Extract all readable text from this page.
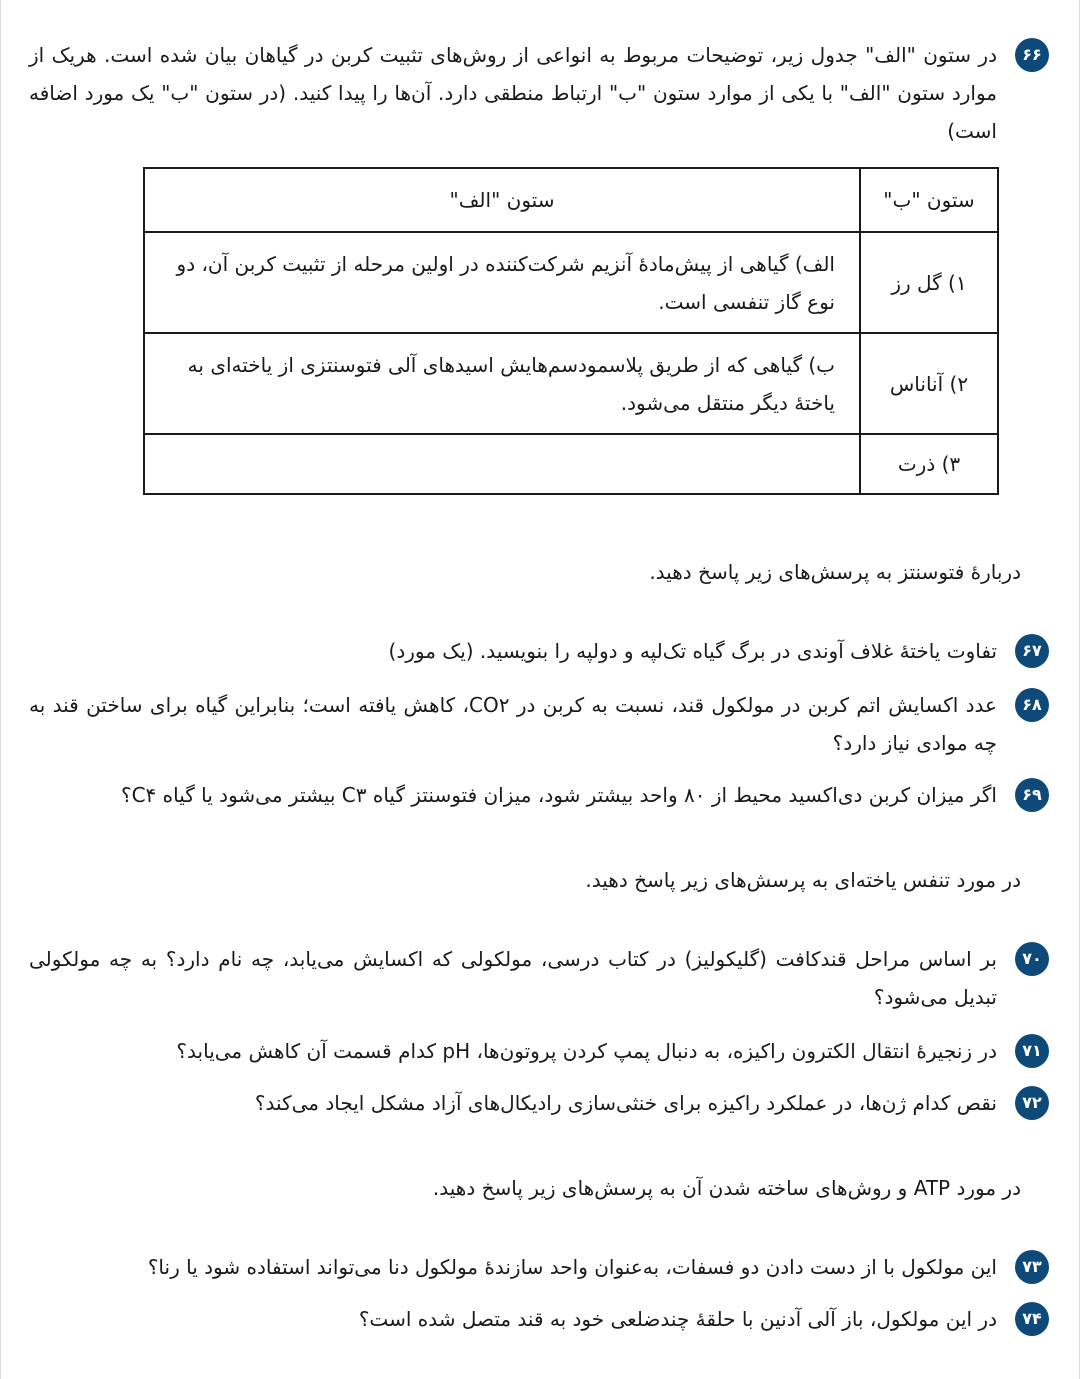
۶۶
در ستون "الف" جدول زیر، توضیحات مربوط به انواعی از روش‌های تثبیت کربن در گیاهان بیان شده است. هریک از موارد ستون "الف" با یکی از موارد ستون "ب" ارتباط منطقی دارد. آن‌ها را پیدا کنید. (در ستون "ب" یک مورد اضافه است)
ستون "ب"	ستون "الف"
۱) گل رز	الف) گیاهی از پیش‌مادهٔ آنزیم شرکت‌کننده در اولین مرحله از تثبیت کربن آن، دو نوع گاز تنفسی است.
۲) آناناس	ب) گیاهی که از طریق پلاسمودسم‌هایش اسیدهای آلی فتوسنتزی از یاخته‌ای به یاختهٔ دیگر منتقل می‌شود.
۳) ذرت	
دربارهٔ فتوسنتز به پرسش‌های زیر پاسخ دهید.
۶۷
تفاوت یاختهٔ غلاف آوندی در برگ گیاه تک‌لپه و دولپه را بنویسید. (یک مورد)
۶۸
عدد اکسایش اتم کربن در مولکول قند، نسبت به کربن در CO۲، کاهش یافته است؛ بنابراین گیاه برای ساختن قند به چه موادی نیاز دارد؟
۶۹
اگر میزان کربن دی‌اکسید محیط از ۸۰ واحد بیشتر شود، میزان فتوسنتز گیاه C۳ بیشتر می‌شود یا گیاه C۴؟
در مورد تنفس یاخته‌ای به پرسش‌های زیر پاسخ دهید.
۷۰
بر اساس مراحل قندکافت (گلیکولیز) در کتاب درسی، مولکولی که اکسایش می‌یابد، چه نام دارد؟ به چه مولکولی تبدیل می‌شود؟
۷۱
در زنجیرهٔ انتقال الکترون راکیزه، به دنبال پمپ کردن پروتون‌ها، pH کدام قسمت آن کاهش می‌یابد؟
۷۲
نقص کدام ژن‌ها، در عملکرد راکیزه برای خنثی‌سازی رادیکال‌های آزاد مشکل ایجاد می‌کند؟
در مورد ATP و روش‌های ساخته شدن آن به پرسش‌های زیر پاسخ دهید.
۷۳
این مولکول با از دست دادن دو فسفات، به‌عنوان واحد سازندهٔ مولکول دنا می‌تواند استفاده شود یا رنا؟
۷۴
در این مولکول، باز آلی آدنین با حلقهٔ چندضلعی خود به قند متصل شده است؟
